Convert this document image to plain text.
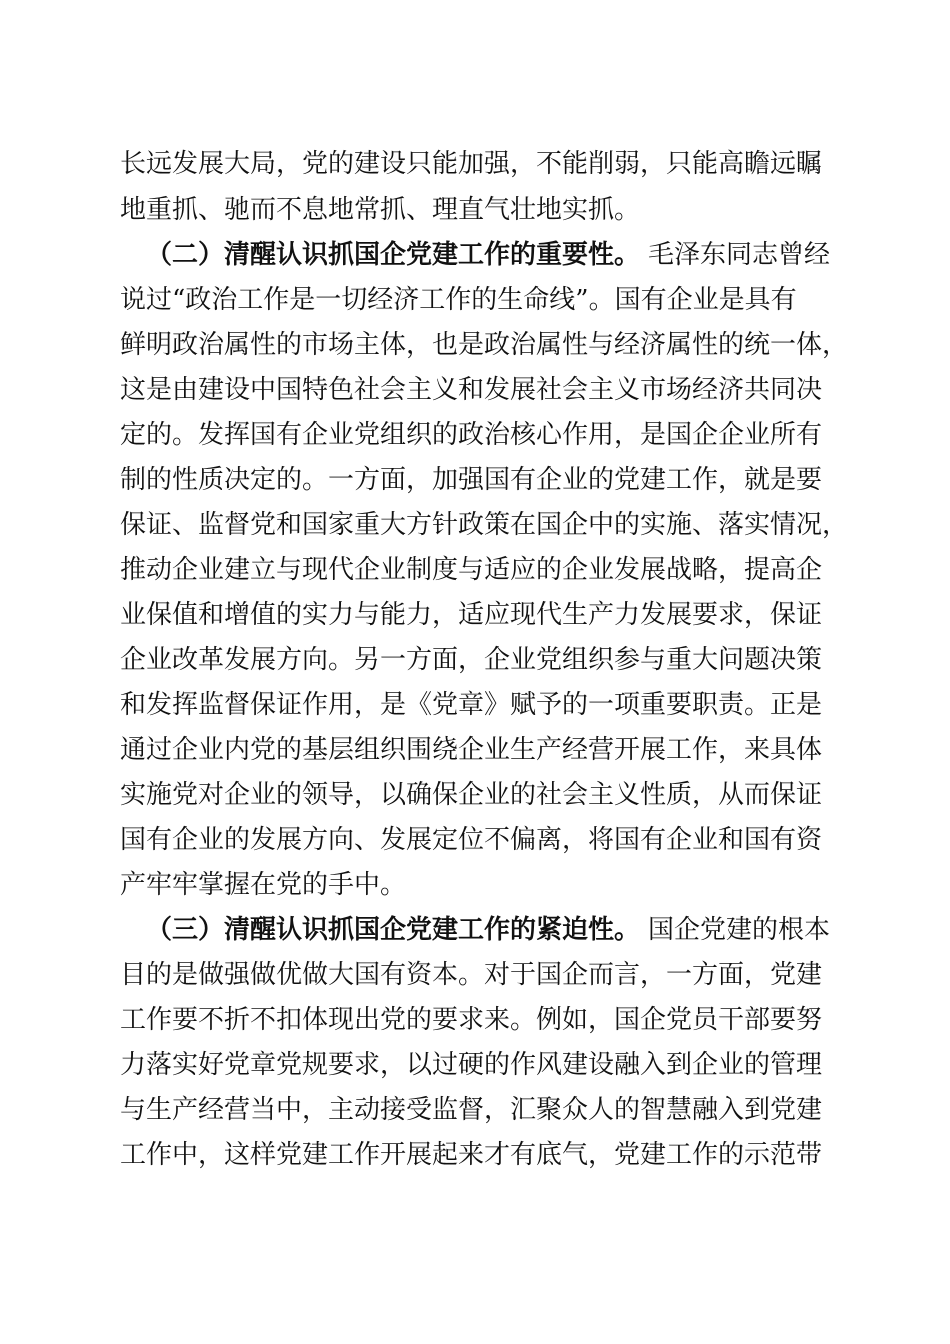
长远发展大局，党的建设只能加强，不能削弱，只能高瞻远瞩
地重抓、驰而不息地常抓、理直气壮地实抓。
（二）清醒认识抓国企党建工作的重要性。 毛泽东同志曾经
说过“政治工作是一切经济工作的生命线”。国有企业是具有
鲜明政治属性的市场主体，也是政治属性与经济属性的统一体，
这是由建设中国特色社会主义和发展社会主义市场经济共同决
定的。发挥国有企业党组织的政治核心作用，是国企企业所有
制的性质决定的。一方面，加强国有企业的党建工作，就是要
保证、监督党和国家重大方针政策在国企中的实施、落实情况，
推动企业建立与现代企业制度与适应的企业发展战略，提高企
业保值和增值的实力与能力，适应现代生产力发展要求，保证
企业改革发展方向。另一方面，企业党组织参与重大问题决策
和发挥监督保证作用，是《党章》赋予的一项重要职责。正是
通过企业内党的基层组织围绕企业生产经营开展工作，来具体
实施党对企业的领导，以确保企业的社会主义性质，从而保证
国有企业的发展方向、发展定位不偏离，将国有企业和国有资
产牢牢掌握在党的手中。
（三）清醒认识抓国企党建工作的紧迫性。 国企党建的根本
目的是做强做优做大国有资本。对于国企而言，一方面，党建
工作要不折不扣体现出党的要求来。例如，国企党员干部要努
力落实好党章党规要求，以过硬的作风建设融入到企业的管理
与生产经营当中，主动接受监督，汇聚众人的智慧融入到党建
工作中，这样党建工作开展起来才有底气，党建工作的示范带
